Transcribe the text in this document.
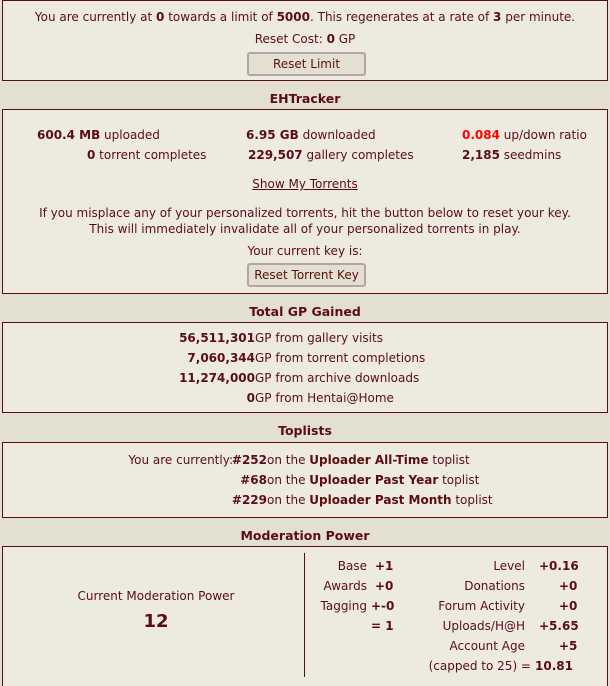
You are currently at 0 towards a limit of 5000. This regenerates at a rate of 3 per minute.
Reset Cost: 0 GP
Reset Limit
EHTracker
600.4 MB uploaded	6.95 GB downloaded	0.084 up/down ratio
0 torrent completes	229,507 gallery completes	2,185 seedmins
Show My Torrents
If you misplace any of your personalized torrents, hit the button below to reset your key.
This will immediately invalidate all of your personalized torrents in play.
Your current key is:
Reset Torrent Key
Total GP Gained
56,511,301 GP from gallery visits
7,060,344 GP from torrent completions
11,274,000 GP from archive downloads
0 GP from Hentai@Home
Toplists
You are currently:
#252 on the Uploader All-Time toplist
#68 on the Uploader Past Year toplist
#229 on the Uploader Past Month toplist
Moderation Power
Current Moderation Power
12
Base +1
Awards +0
Tagging +-0
= 1
Level +0.16
Donations	+0
Forum Activity	+0
Uploads/H@H +5.65
Account Age	+5
(capped to 25) = 10.81
